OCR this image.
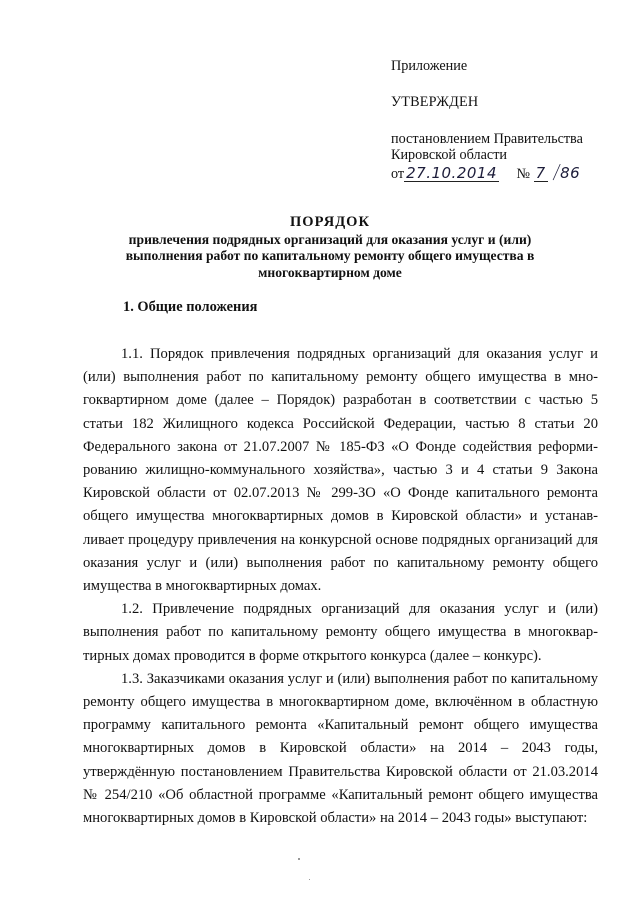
Приложение
УТВЕРЖДЕН
постановлением Правительства
Кировской области
от 27.10.2014 № 7 /86
ПОРЯДОК
привлечения подрядных организаций для оказания услуг и (или)
выполнения работ по капитальному ремонту общего имущества в
многоквартирном доме
1. Общие положения

1.1. Порядок привлечения подрядных организаций для оказания услуг и (или) выполнения работ по капитальному ремонту общего имущества в многоквартирном доме (далее – Порядок) разработан в соответствии с частью 5 статьи 182 Жилищного кодекса Российской Федерации, частью 8 статьи 20 Федерального закона от 21.07.2007 № 185-ФЗ «О Фонде содействия реформированию жилищно-коммунального хозяйства», частью 3 и 4 статьи 9 Закона Кировской области от 02.07.2013 № 299-ЗО «О Фонде капитального ремонта общего имущества многоквартирных домов в Кировской области» и устанавливает процедуру привлечения на конкурсной основе подрядных организаций для оказания услуг и (или) выполнения работ по капитальному ремонту общего имущества в многоквартирных домах.

1.2. Привлечение подрядных организаций для оказания услуг и (или) выполнения работ по капитальному ремонту общего имущества в многоквартирных домах проводится в форме открытого конкурса (далее – конкурс).

1.3. Заказчиками оказания услуг и (или) выполнения работ по капитальному ремонту общего имущества в многоквартирном доме, включённом в областную программу капитального ремонта «Капитальный ремонт общего имущества многоквартирных домов в Кировской области» на 2014 – 2043 годы, утверждённую постановлением Правительства Кировской области от 21.03.2014 № 254/210 «Об областной программе «Капитальный ремонт общего имущества многоквартирных домов в Кировской области» на 2014 – 2043 годы» выступают:
